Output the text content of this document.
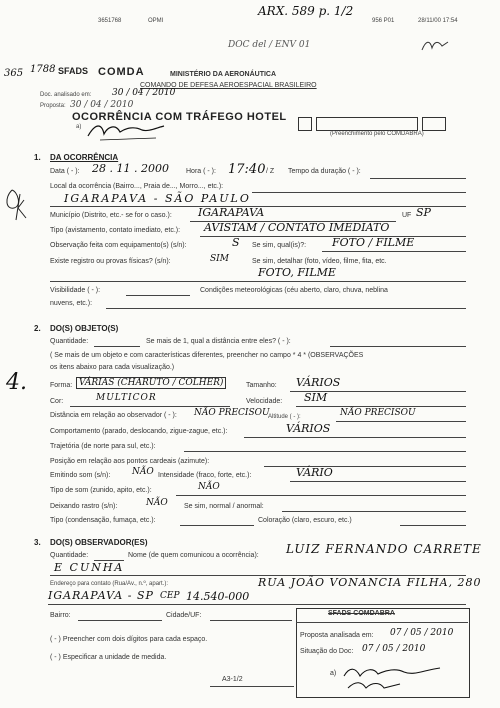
3651768	OPMI	956 P01	28/11/00 17:54
ARX. 589 p. 1/2
DOC del / ENV 01
365 1788 SFADS COMDA	MINISTÉRIO DA AERONÁUTICA
COMANDO DE DEFESA AEROESPACIAL BRASILEIRO
Doc. analisado em: 30 / 04 / 2010
Proposta: 30 / 04 / 2010
a)
OCORRÊNCIA COM TRÁFEGO HOTEL
(Preenchimento pelo COMDABRA)
1. DA OCORRÊNCIA
Data ( - ): 28 . 11 . 2000 Hora ( - ): 17:40 / Z Tempo da duração ( - ):
Local da ocorrência (Bairro..., Praia de..., Morro..., etc.):
IGARAPAVA - SÃO PAULO
Município (Distrito, etc.- se for o caso.): IGARAPAVA	UF SP
Tipo (avistamento, contato imediato, etc.): AVISTAM / CONTATO IMEDIATO
Observação feita com equipamento(s) (s/n):	S Se sim, qual(is)?: FOTO / FILME
Existe registro ou provas físicas? (s/n):	SIM	Se sim, detalhar (foto, vídeo, filme, fita, etc.
FOTO, FILME
Visibilidade ( - ):	Condições meteorológicas (céu aberto, claro, chuva, neblina
nuvens, etc.):
2. DO(S) OBJETO(S)
Quantidade:	Se mais de 1, qual a distância entre eles? ( - ):
( Se mais de um objeto e com características diferentes, preencher no campo * 4 * (OBSERVAÇÕES
os itens abaixo para cada visualização.)
4.	Forma: VÁRIAS (CHARUTO / COLHER)	Tamanho: VÁRIOS
Cor:	MULTICOR	Velocidade: SIM
Distância em relação ao observador ( - ): NÃO PRECISOU
Altitude ( - ):	NÃO PRECISOU
Comportamento (parado, deslocando, zigue-zague, etc.):	VÁRIOS
Trajetória (de norte para sul, etc.):
Posição em relação aos pontos cardeais (azimute):
Emitindo som (s/n): NÃO Intensidade (fraco, forte, etc.):	VÁRIO
Tipo de som (zunido, apito, etc.):	NÃO
Deixando rastro (s/n):	NÃO Se sim, normal / anormal:
Tipo (condensação, fumaça, etc.):	Coloração (claro, escuro, etc.)
3. DO(S) OBSERVADOR(ES)
Quantidade:	Nome (de quem comunicou a ocorrência): LUIZ FERNANDO CARRETE
E CUNHA
Endereço para contato (Rua/Av., n.º, apart.):	RUA JOÃO VONANCIA FILHA, 280
IGARAPAVA - SP CEP 14.540-000
Bairro:	Cidade/UF:	SFADS COMDABRA
Proposta analisada em: 07 / 05 / 2010
Situação do Doc: 07 / 05 / 2010
a)
( - ) Preencher com dois dígitos para cada espaço.
( - ) Especificar a unidade de medida.
A3-1/2
